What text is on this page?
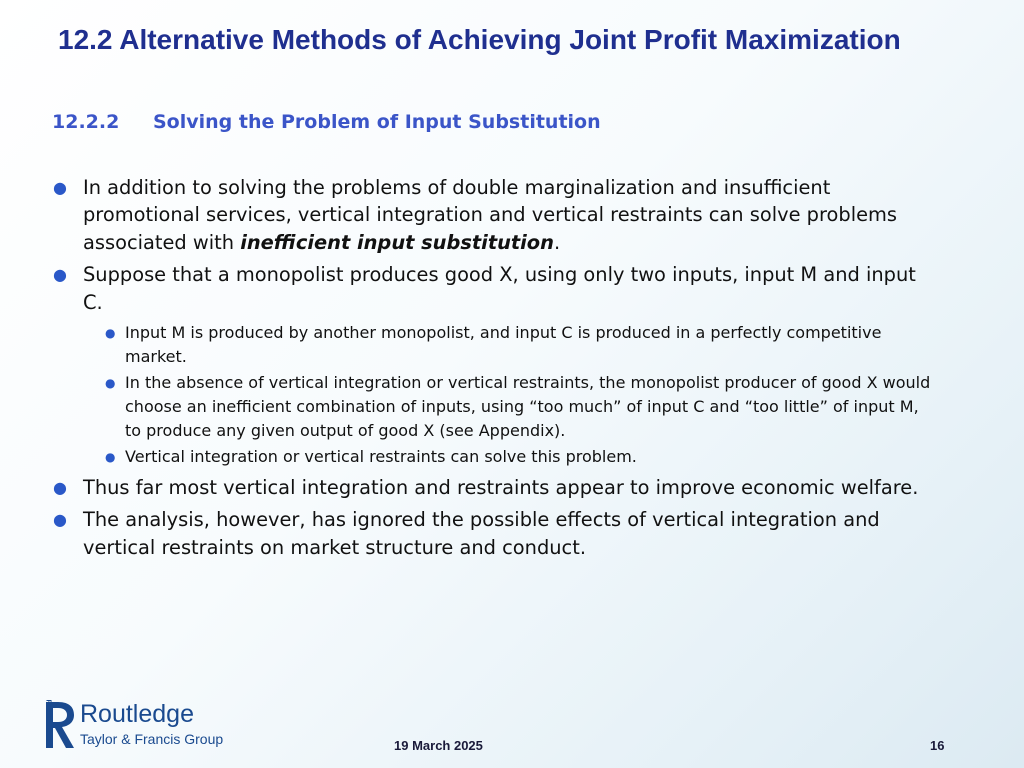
12.2 Alternative Methods of Achieving Joint Profit Maximization
12.2.2 Solving the Problem of Input Substitution
● In addition to solving the problems of double marginalization and insufficient promotional services, vertical integration and vertical restraints can solve problems associated with inefficient input substitution.
● Suppose that a monopolist produces good X, using only two inputs, input M and input C.
● Input M is produced by another monopolist, and input C is produced in a perfectly competitive market.
● In the absence of vertical integration or vertical restraints, the monopolist producer of good X would choose an inefficient combination of inputs, using “too much” of input C and “too little” of input M, to produce any given output of good X (see Appendix).
● Vertical integration or vertical restraints can solve this problem.
● Thus far most vertical integration and restraints appear to improve economic welfare.
● The analysis, however, has ignored the possible effects of vertical integration and vertical restraints on market structure and conduct.
ROUTLEDGE Routledge
Taylor & Francis Group	19 March 2025	16
